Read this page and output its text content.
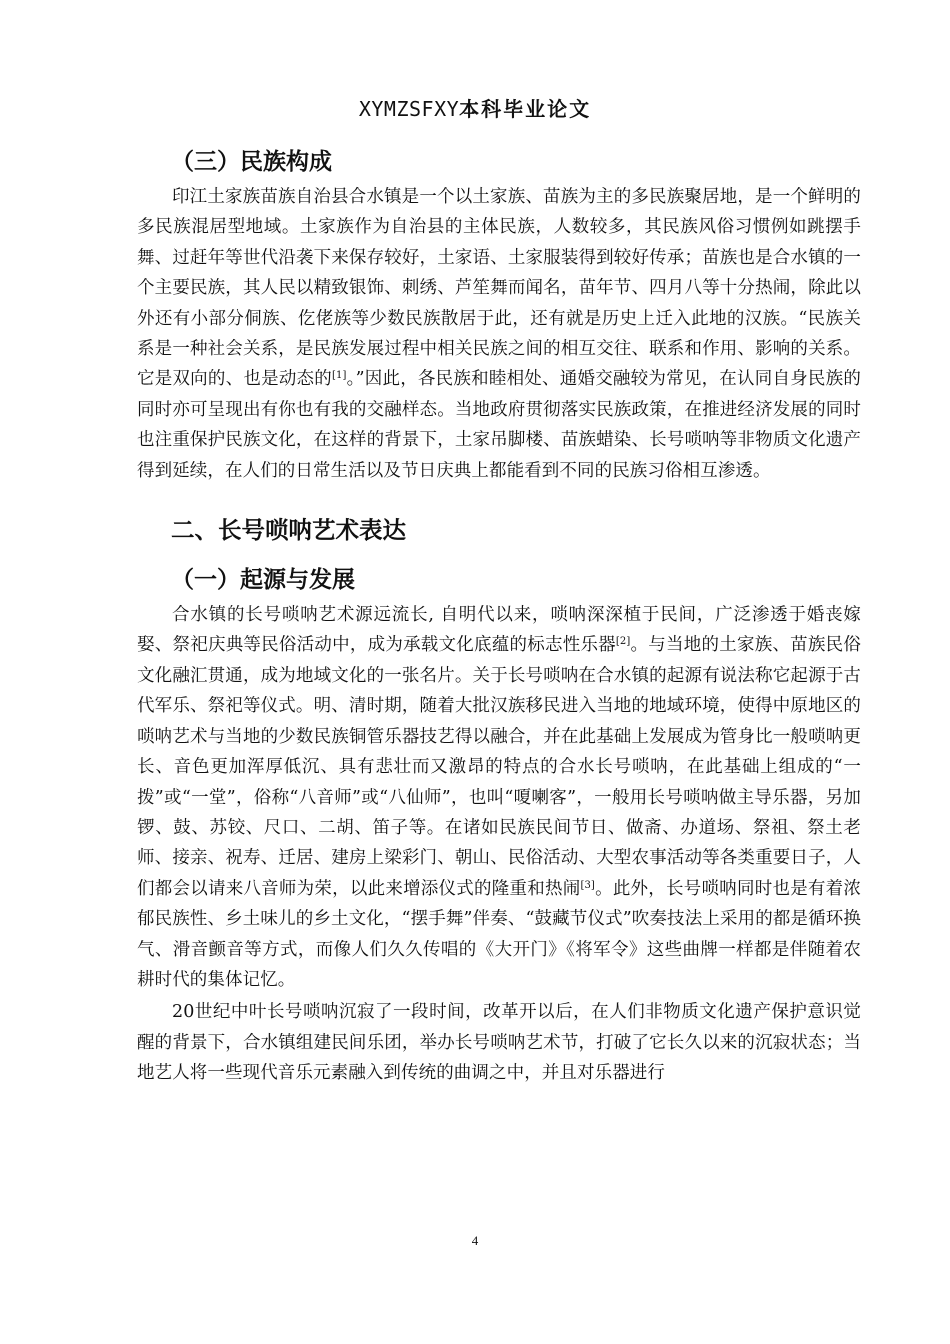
XYMZSFXY本科毕业论文
（三）民族构成

印江土家族苗族自治县合水镇是一个以土家族、苗族为主的多民族聚居地，是一个鲜明的多民族混居型地域。土家族作为自治县的主体民族，人数较多，其民族风俗习惯例如跳摆手舞、过赶年等世代沿袭下来保存较好，土家语、土家服装得到较好传承；苗族也是合水镇的一个主要民族，其人民以精致银饰、刺绣、芦笙舞而闻名，苗年节、四月八等十分热闹，除此以外还有小部分侗族、仡佬族等少数民族散居于此，还有就是历史上迁入此地的汉族。“民族关系是一种社会关系，是民族发展过程中相关民族之间的相互交往、联系和作用、影响的关系。它是双向的、也是动态的[1]。”因此，各民族和睦相处、通婚交融较为常见，在认同自身民族的同时亦可呈现出有你也有我的交融样态。当地政府贯彻落实民族政策，在推进经济发展的同时也注重保护民族文化，在这样的背景下，土家吊脚楼、苗族蜡染、长号唢呐等非物质文化遗产得到延续，在人们的日常生活以及节日庆典上都能看到不同的民族习俗相互渗透。

二、长号唢呐艺术表达
（一）起源与发展

合水镇的长号唢呐艺术源远流长, 自明代以来，唢呐深深植于民间，广泛渗透于婚丧嫁娶、祭祀庆典等民俗活动中，成为承载文化底蕴的标志性乐器[2]。与当地的土家族、苗族民俗文化融汇贯通，成为地域文化的一张名片。关于长号唢呐在合水镇的起源有说法称它起源于古代军乐、祭祀等仪式。明、清时期，随着大批汉族移民进入当地的地域环境，使得中原地区的唢呐艺术与当地的少数民族铜管乐器技艺得以融合，并在此基础上发展成为管身比一般唢呐更长、音色更加浑厚低沉、具有悲壮而又激昂的特点的合水长号唢呐，在此基础上组成的“一拨”或“一堂”，俗称“八音师”或“八仙师”，也叫“嗄喇客”，一般用长号唢呐做主导乐器，另加锣、鼓、苏铰、尺口、二胡、笛子等。在诸如民族民间节日、做斋、办道场、祭祖、祭土老师、接亲、祝寿、迁居、建房上梁彩门、朝山、民俗活动、大型农事活动等各类重要日子，人们都会以请来八音师为荣，以此来增添仪式的隆重和热闹[3]。此外，长号唢呐同时也是有着浓郁民族性、乡土味儿的乡土文化，“摆手舞”伴奏、“鼓藏节仪式”吹奏技法上采用的都是循环换气、滑音颤音等方式，而像人们久久传唱的《大开门》《将军令》这些曲牌一样都是伴随着农耕时代的集体记忆。

20世纪中叶长号唢呐沉寂了一段时间，改革开以后，在人们非物质文化遗产保护意识觉醒的背景下，合水镇组建民间乐团，举办长号唢呐艺术节，打破了它长久以来的沉寂状态；当地艺人将一些现代音乐元素融入到传统的曲调之中，并且对乐器进行

4
